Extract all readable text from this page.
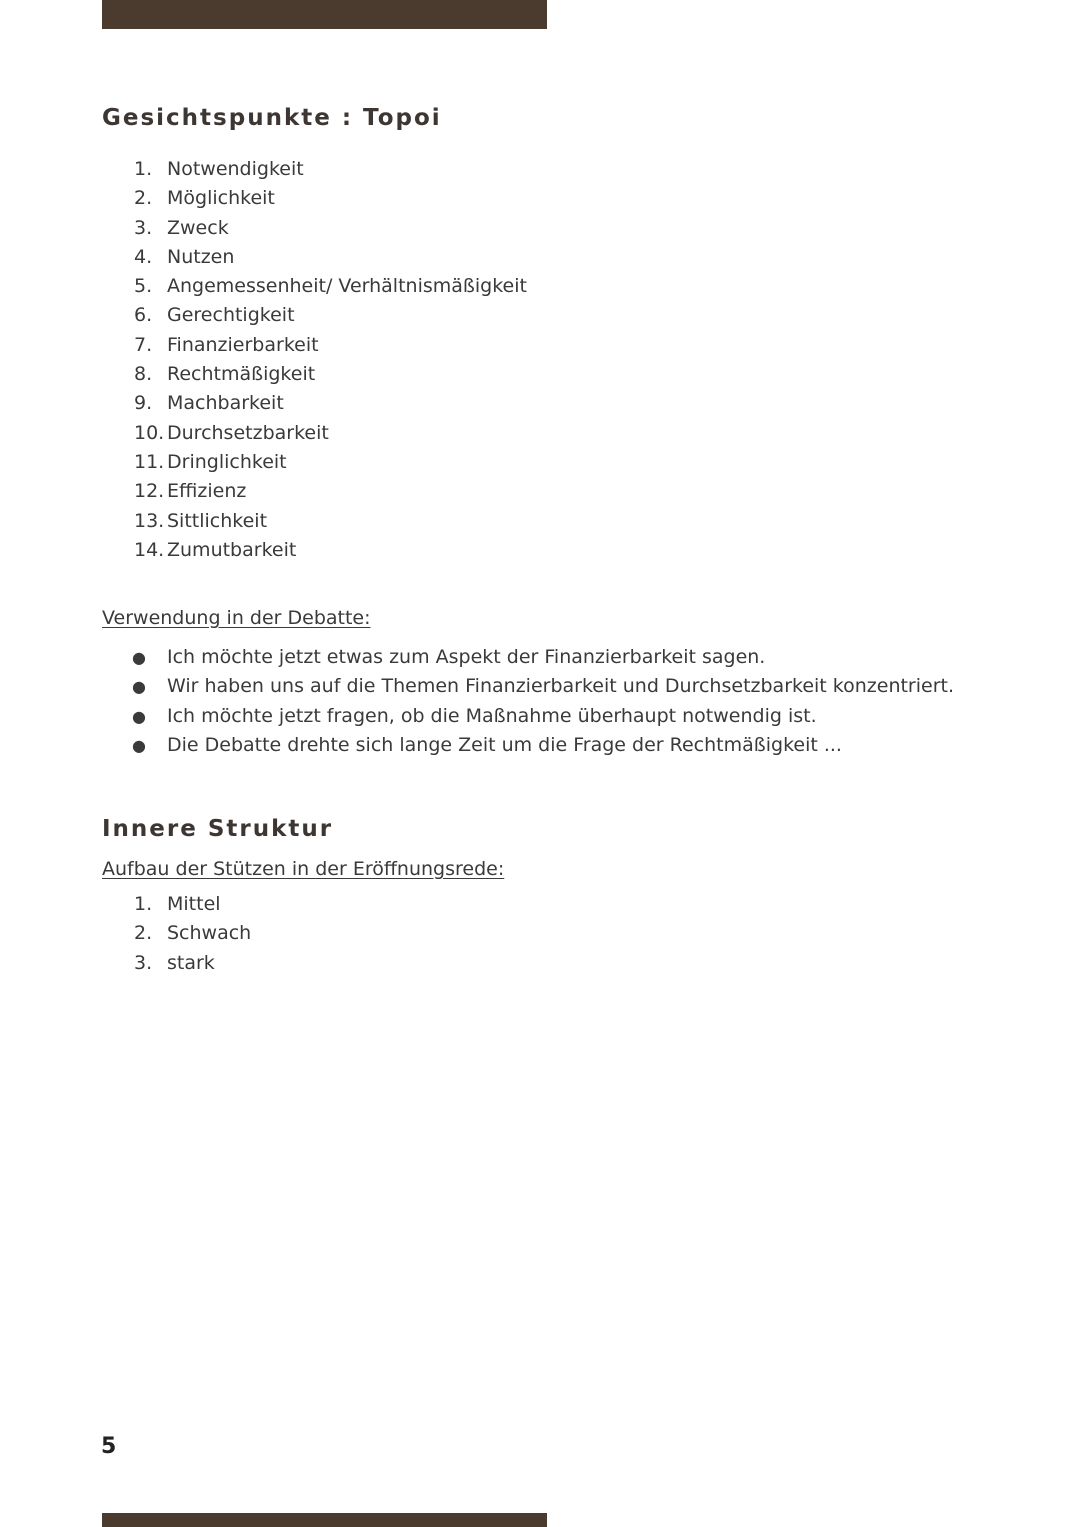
Gesichtspunkte : Topoi
1. Notwendigkeit
2. Möglichkeit
3. Zweck
4. Nutzen
5. Angemessenheit/ Verhältnismäßigkeit
6. Gerechtigkeit
7. Finanzierbarkeit
8. Rechtmäßigkeit
9. Machbarkeit
10. Durchsetzbarkeit
11. Dringlichkeit
12. Effizienz
13. Sittlichkeit
14. Zumutbarkeit

Verwendung in der Debatte:

● Ich möchte jetzt etwas zum Aspekt der Finanzierbarkeit sagen.
● Wir haben uns auf die Themen Finanzierbarkeit und Durchsetzbarkeit konzentriert.
● Ich möchte jetzt fragen, ob die Maßnahme überhaupt notwendig ist.
● Die Debatte drehte sich lange Zeit um die Frage der Rechtmäßigkeit ...
Innere Struktur

Aufbau der Stützen in der Eröffnungsrede:

1. Mittel
2. Schwach
3. stark

5
